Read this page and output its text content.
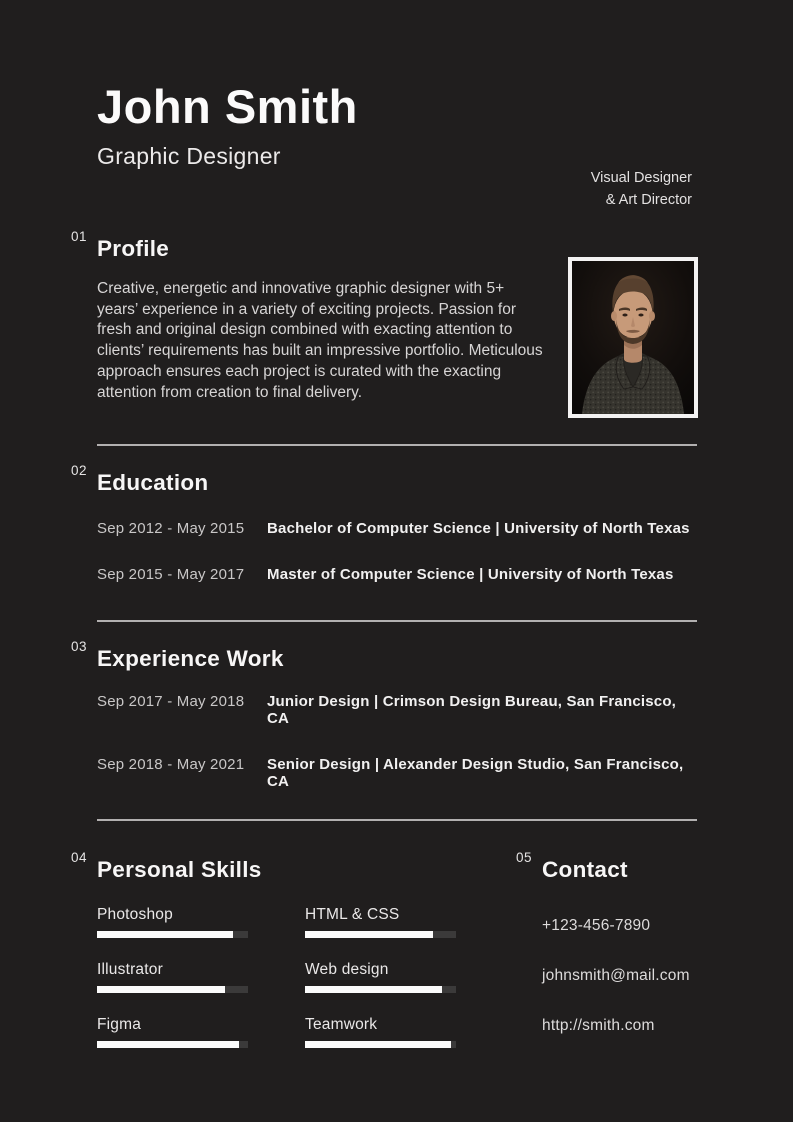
John Smith

Graphic Designer

Visual Designer
& Art Director
01 Profile

Creative, energetic and innovative graphic designer with 5+ years’ experience in a variety of exciting projects. Passion for fresh and original design combined with exacting attention to clients’ requirements has built an impressive portfolio. Meticulous approach ensures each project is curated with the exacting attention from creation to final delivery.

02 Education
Sep 2012 - May 2015	Bachelor of Computer Science | University of North Texas
Sep 2015 - May 2017	Master of Computer Science | University of North Texas
03 Experience Work
Sep 2017 - May 2018	Junior Design | Crimson Design Bureau, San Francisco, CA
Sep 2018 - May 2021	Senior Design | Alexander Design Studio, San Francisco, CA
04 Personal Skills
Photoshop	HTML & CSS
Illustrator	Web design
Figma	Teamwork
05 Contact
+123-456-7890
johnsmith@mail.com
http://smith.com
